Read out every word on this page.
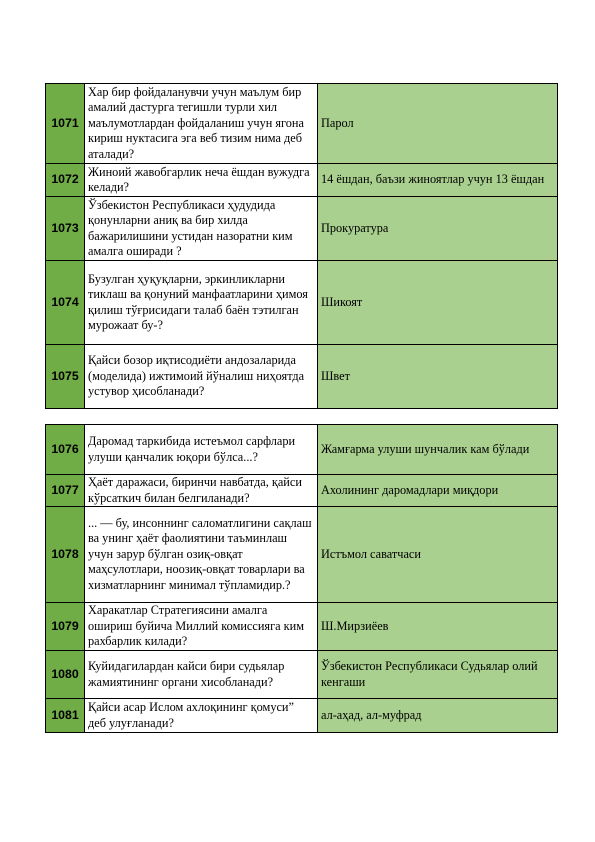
1071	Хар бир фойдаланувчи учун маълум бир амалий дастурга тегишли турли хил маълумотлардан фойдаланиш учун ягона кириш нуктасига эга веб тизим нима деб аталади?	Парол
1072	Жиноий жавобгарлик неча ёшдан вужудга келади?	14 ёшдан, баъзи жиноятлар учун 13 ёшдан
1073	Ўзбекистон Республикаси ҳудудида қонунларни аниқ ва бир хилда бажарилишини устидан назоратни ким амалга оширади ?	Прокуратура
1074	Бузулган ҳуқуқларни, эркинликларни тиклаш ва қонуний манфаатларини ҳимоя қилиш тўғрисидаги талаб баён тэтилган мурожаат бу-?	Шикоят
1075	Қайси бозор иқтисодиёти андозаларида (моделида) ижтимоий йўналиш ниҳоятда устувор ҳисобланади?	Швет
1076	Даромад таркибида истеъмол сарфлари улуши қанчалик юқори бўлса...?	Жамғарма улуши шунчалик кам бўлади
1077	Ҳаёт даражаси, биринчи навбатда, қайси кўрсаткич билан белгиланади?	Ахолининг даромадлари миқдори
1078	... — бу, инсоннинг саломатлигини сақлаш ва унинг ҳаёт фаолиятини таъминлаш учун зарур бўлган озиқ-овқат маҳсулотлари, ноозиқ-овқат товарлари ва хизматларнинг минимал тўпламидир.?	Истъмол саватчаси
1079	Харакатлар Стратегиясини амалга ошириш буйича Миллий комиссияга ким рахбарлик килади?	Ш.Мирзиёев
1080	Куйидагилардан кайси бири судьялар жамиятининг органи хисобланади?	Ўзбекистон Республикаси Судьялар олий кенгаши
1081	Қайси асар Ислом ахлоқининг қомуси” деб улуғланади?	ал-аҳад, ал-муфрад
